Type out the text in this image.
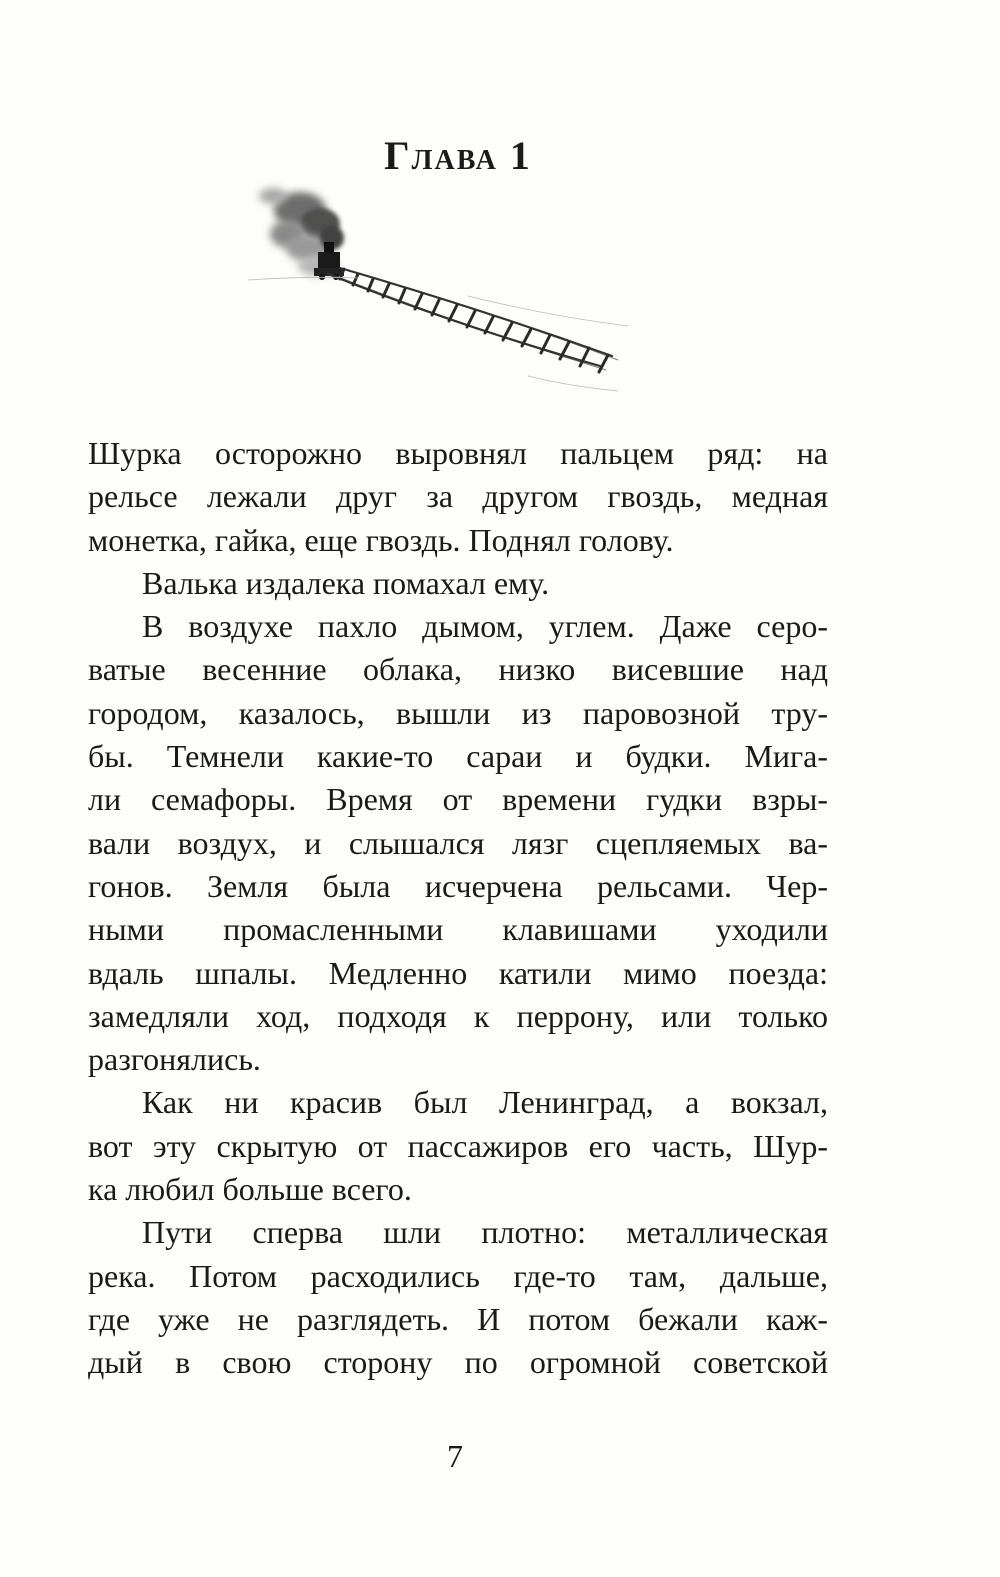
Глава 1

Шурка осторожно выровнял пальцем ряд: на
рельсе лежали друг за другом гвоздь, медная
монетка, гайка, еще гвоздь. Поднял голову.

Валька издалека помахал ему.

В воздухе пахло дымом, углем. Даже серо-
ватые весенние облака, низко висевшие над
городом, казалось, вышли из паровозной тру-
бы. Темнели какие-то сараи и будки. Мига-
ли семафоры. Время от времени гудки взры-
вали воздух, и слышался лязг сцепляемых ва-
гонов. Земля была исчерчена рельсами. Чер-
ными промасленными клавишами уходили
вдаль шпалы. Медленно катили мимо поезда:
замедляли ход, подходя к перрону, или только
разгонялись.

Как ни красив был Ленинград, а вокзал,
вот эту скрытую от пассажиров его часть, Шур-
ка любил больше всего.

Пути сперва шли плотно: металлическая
река. Потом расходились где-то там, дальше,
где уже не разглядеть. И потом бежали каж-
дый в свою сторону по огромной советской

7
